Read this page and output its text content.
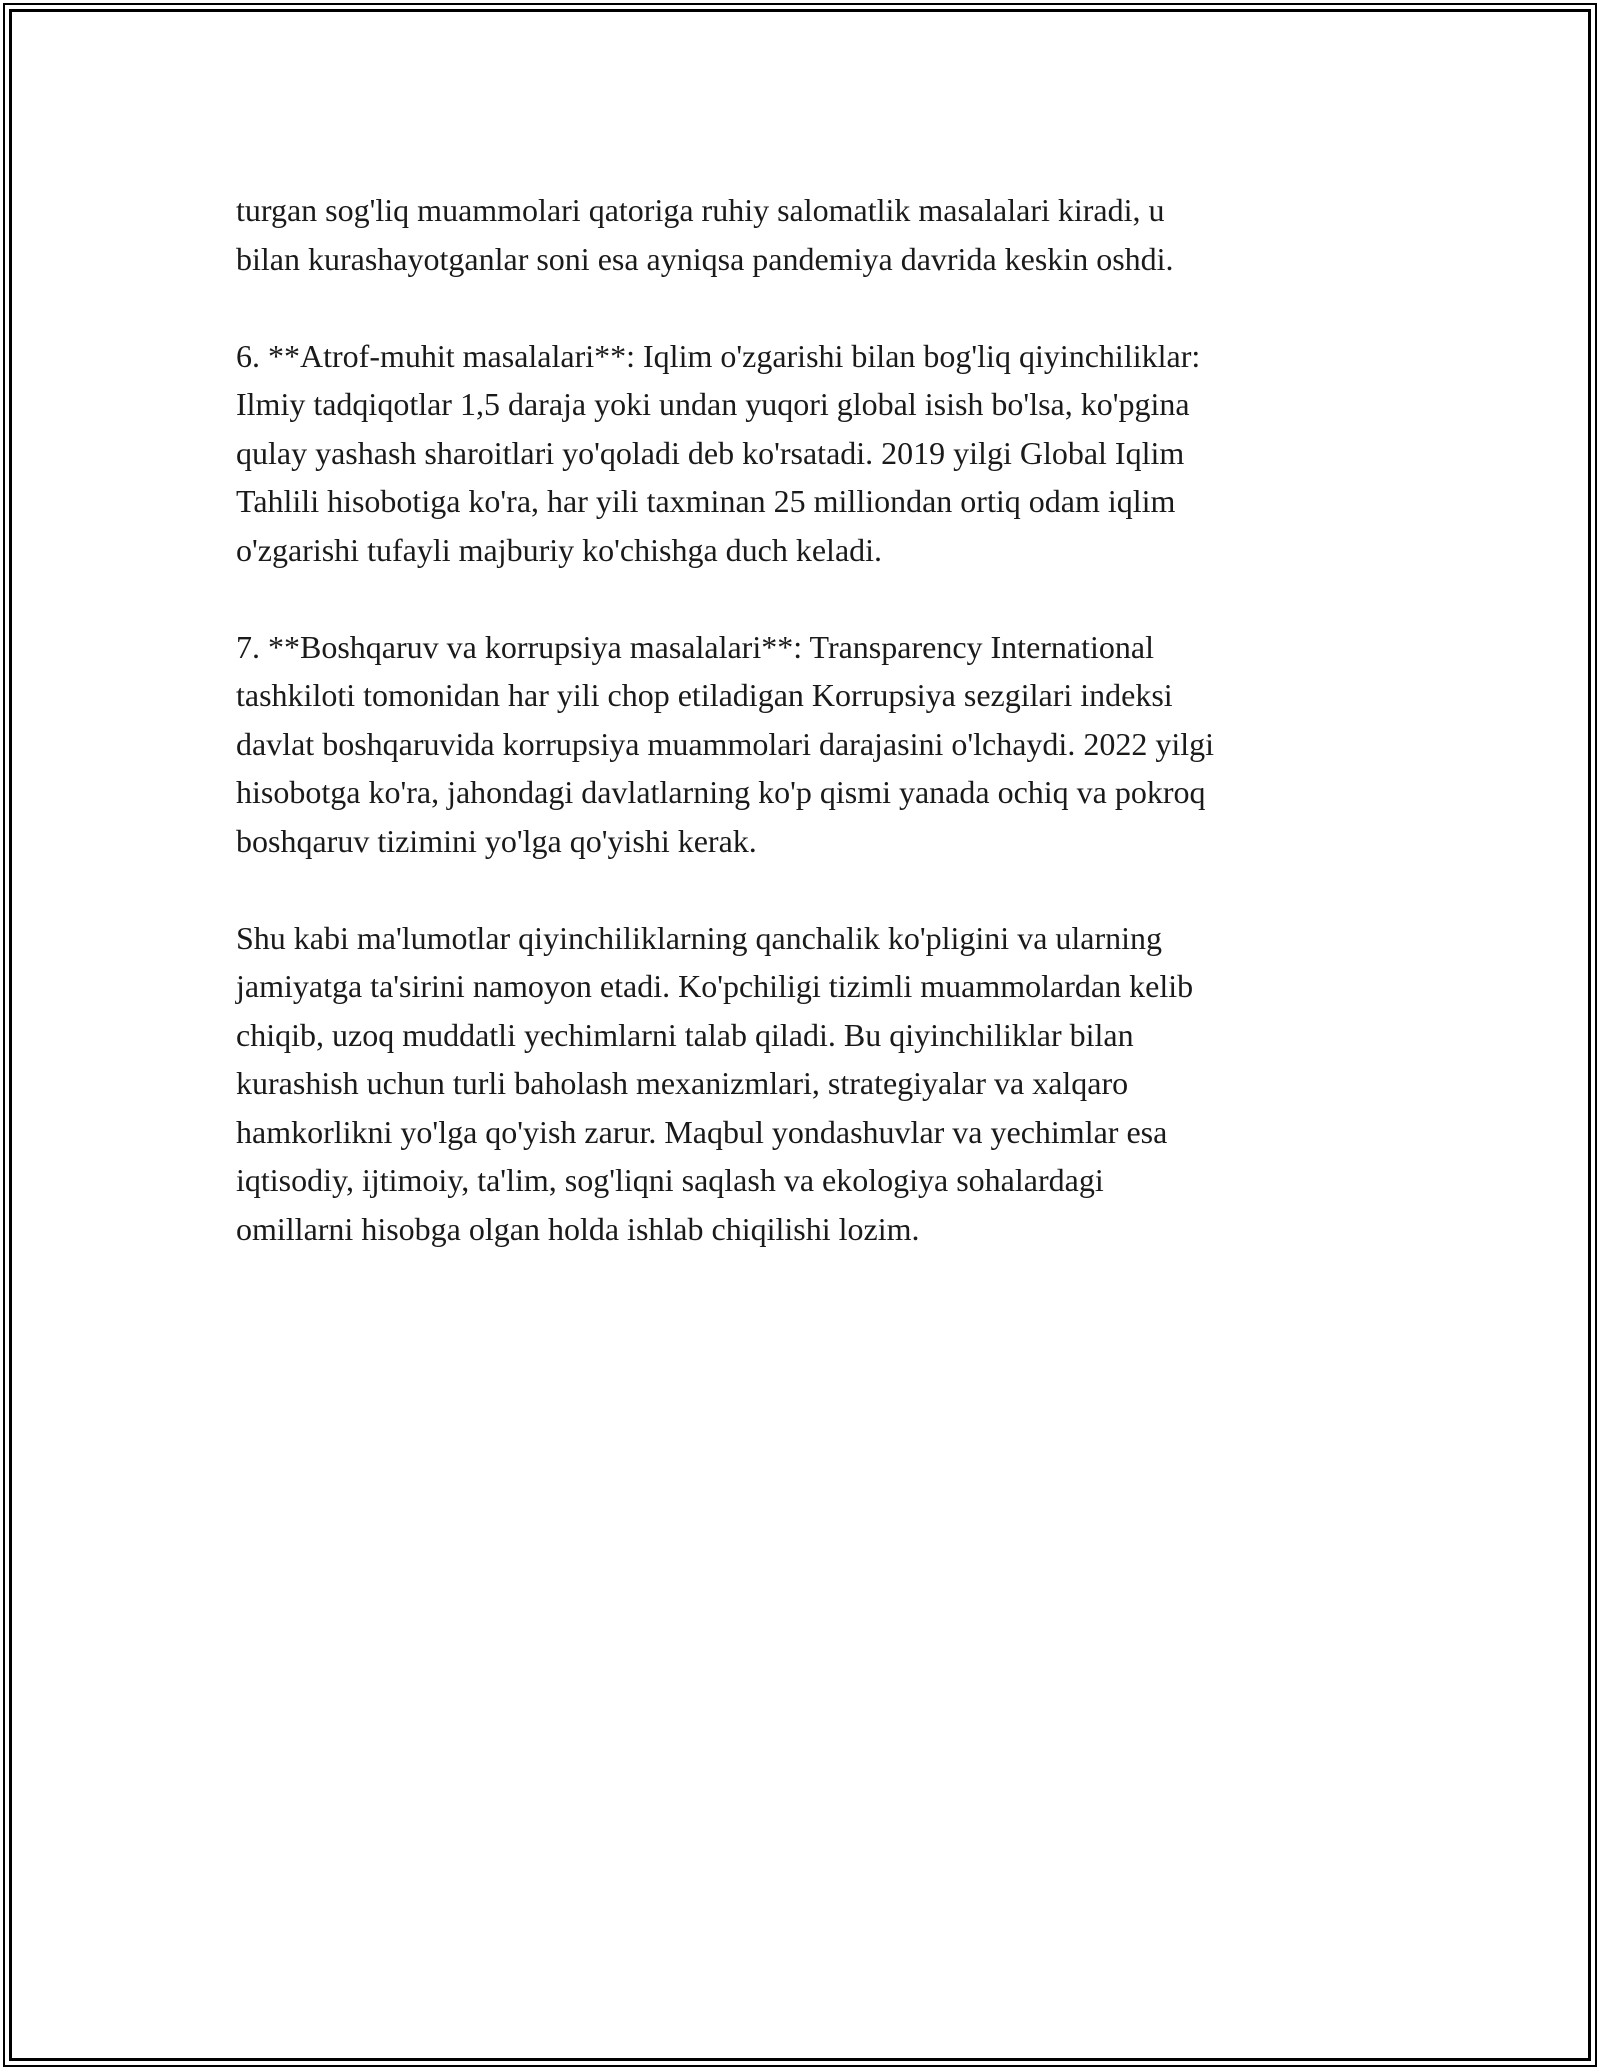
turgan sog'liq muammolari qatoriga ruhiy salomatlik masalalari kiradi, u
bilan kurashayotganlar soni esa ayniqsa pandemiya davrida keskin oshdi.
6. **Atrof-muhit masalalari**: Iqlim o'zgarishi bilan bog'liq qiyinchiliklar:
Ilmiy tadqiqotlar 1,5 daraja yoki undan yuqori global isish bo'lsa, ko'pgina
qulay yashash sharoitlari yo'qoladi deb ko'rsatadi. 2019 yilgi Global Iqlim
Tahlili hisobotiga ko'ra, har yili taxminan 25 milliondan ortiq odam iqlim
o'zgarishi tufayli majburiy ko'chishga duch keladi.
7. **Boshqaruv va korrupsiya masalalari**: Transparency International
tashkiloti tomonidan har yili chop etiladigan Korrupsiya sezgilari indeksi
davlat boshqaruvida korrupsiya muammolari darajasini o'lchaydi. 2022 yilgi
hisobotga ko'ra, jahondagi davlatlarning ko'p qismi yanada ochiq va pokroq
boshqaruv tizimini yo'lga qo'yishi kerak.
Shu kabi ma'lumotlar qiyinchiliklarning qanchalik ko'pligini va ularning
jamiyatga ta'sirini namoyon etadi. Ko'pchiligi tizimli muammolardan kelib
chiqib, uzoq muddatli yechimlarni talab qiladi. Bu qiyinchiliklar bilan
kurashish uchun turli baholash mexanizmlari, strategiyalar va xalqaro
hamkorlikni yo'lga qo'yish zarur. Maqbul yondashuvlar va yechimlar esa
iqtisodiy, ijtimoiy, ta'lim, sog'liqni saqlash va ekologiya sohalardagi
omillarni hisobga olgan holda ishlab chiqilishi lozim.
